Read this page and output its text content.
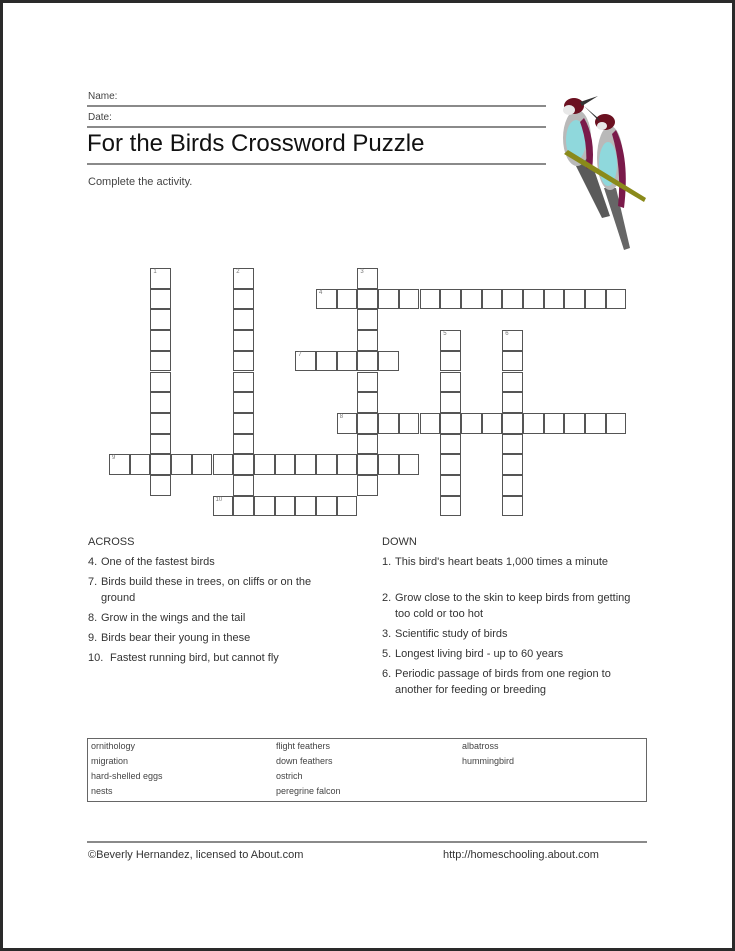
Name:
Date:
For the Birds Crossword Puzzle
Complete the activity.
1	2	3
4
5	6
7
8
9
10
ACROSS
4. One of the fastest birds
7. Birds build these in trees, on cliffs or on the ground
8. Grow in the wings and the tail
9. Birds bear their young in these
10. Fastest running bird, but cannot fly
DOWN
1. This bird's heart beats 1,000 times a minute
2. Grow close to the skin to keep birds from getting too cold or too hot
3. Scientific study of birds
5. Longest living bird - up to 60 years
6. Periodic passage of birds from one region to another for feeding or breeding
ornithology
migration
hard-shelled eggs
nests
flight feathers
down feathers
ostrich
peregrine falcon
albatross
hummingbird
©Beverly Hernandez, licensed to About.com	http://homeschooling.about.com
